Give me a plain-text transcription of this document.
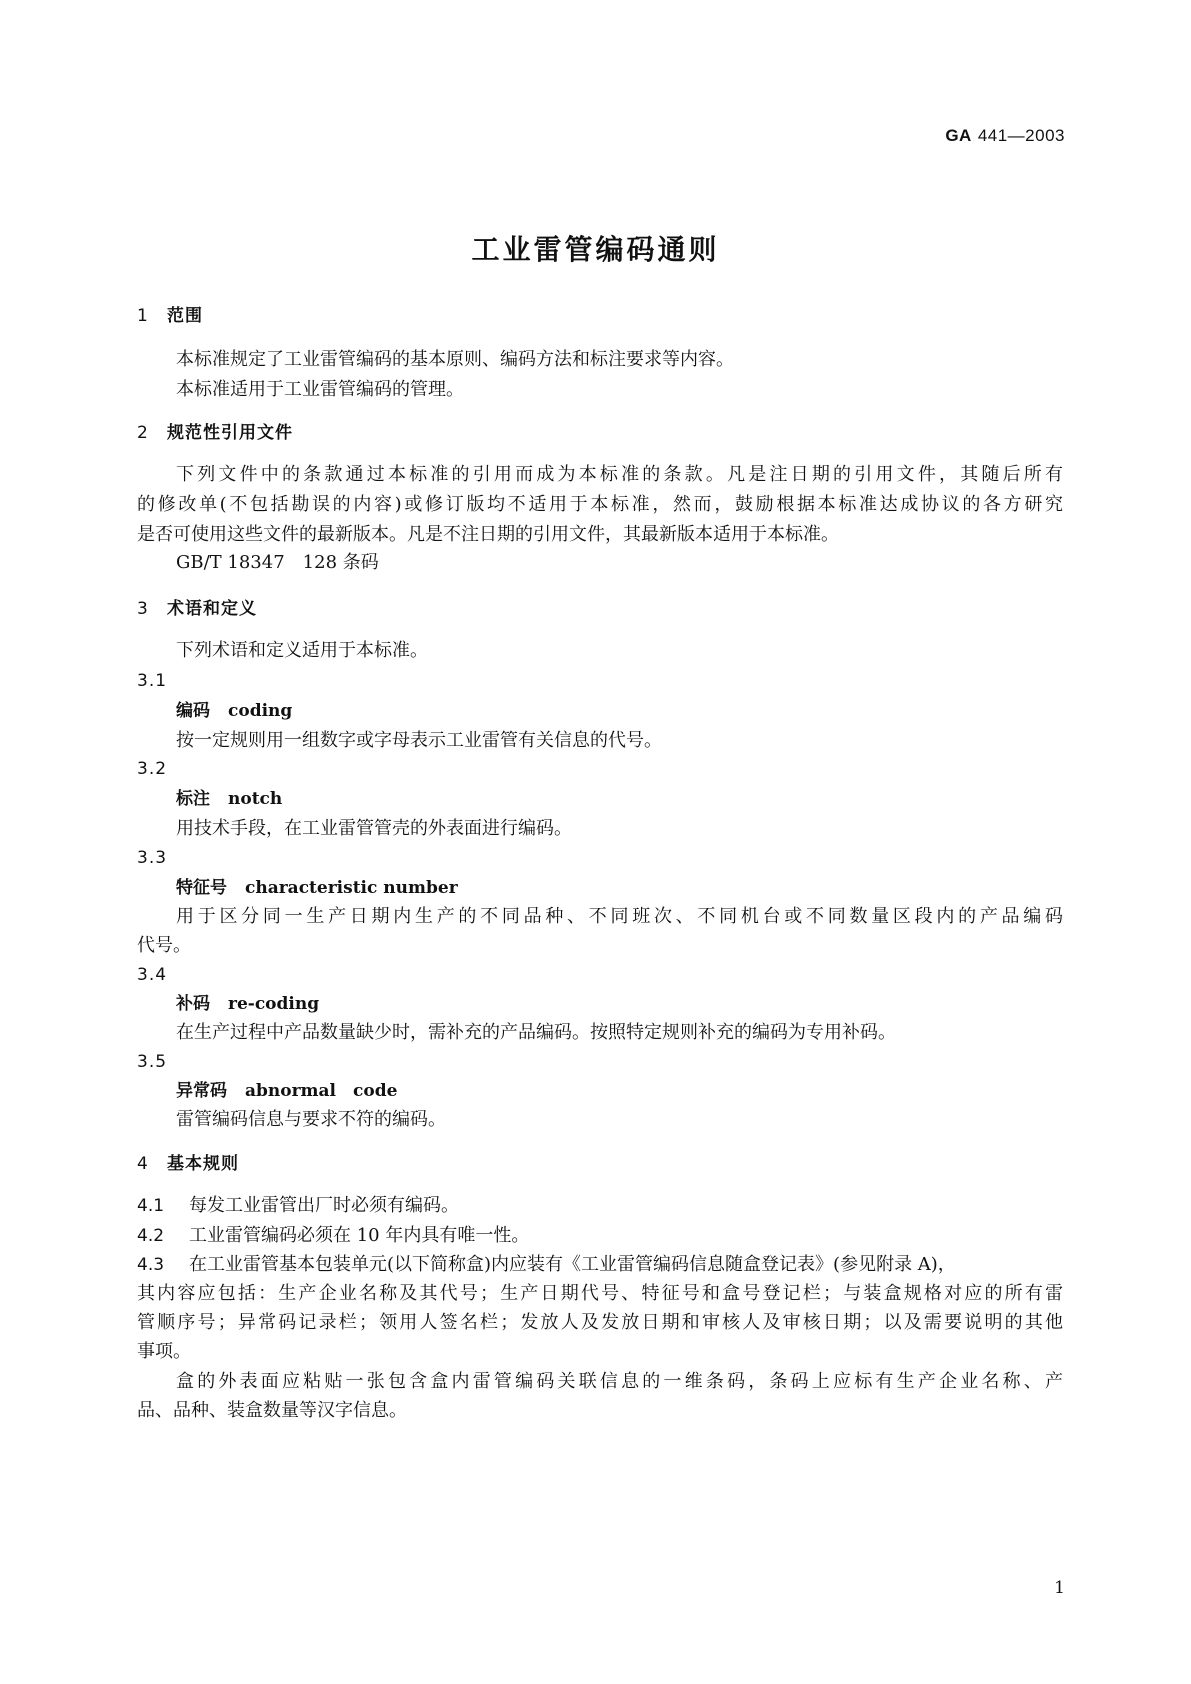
GA 441—2003
工业雷管编码通则
1 范围
本标准规定了工业雷管编码的基本原则、编码方法和标注要求等内容。
本标准适用于工业雷管编码的管理。
2 规范性引用文件
下列文件中的条款通过本标准的引用而成为本标准的条款。凡是注日期的引用文件，其随后所有
的修改单(不包括勘误的内容)或修订版均不适用于本标准，然而，鼓励根据本标准达成协议的各方研究
是否可使用这些文件的最新版本。凡是不注日期的引用文件，其最新版本适用于本标准。
GB/T 18347　128 条码
3 术语和定义
下列术语和定义适用于本标准。
3.1
编码 coding
按一定规则用一组数字或字母表示工业雷管有关信息的代号。
3.2
标注 notch
用技术手段，在工业雷管管壳的外表面进行编码。
3.3
特征号 characteristic number
用于区分同一生产日期内生产的不同品种、不同班次、不同机台或不同数量区段内的产品编码
代号。
3.4
补码 re-coding
在生产过程中产品数量缺少时，需补充的产品编码。按照特定规则补充的编码为专用补码。
3.5
异常码 abnormal　code
雷管编码信息与要求不符的编码。
4 基本规则
4.1 每发工业雷管出厂时必须有编码。
4.2 工业雷管编码必须在 10 年内具有唯一性。
4.3 在工业雷管基本包装单元(以下简称盒)内应装有《工业雷管编码信息随盒登记表》(参见附录 A)，
其内容应包括：生产企业名称及其代号；生产日期代号、特征号和盒号登记栏；与装盒规格对应的所有雷
管顺序号；异常码记录栏；领用人签名栏；发放人及发放日期和审核人及审核日期；以及需要说明的其他
事项。
盒的外表面应粘贴一张包含盒内雷管编码关联信息的一维条码，条码上应标有生产企业名称、产
品、品种、装盒数量等汉字信息。
1
